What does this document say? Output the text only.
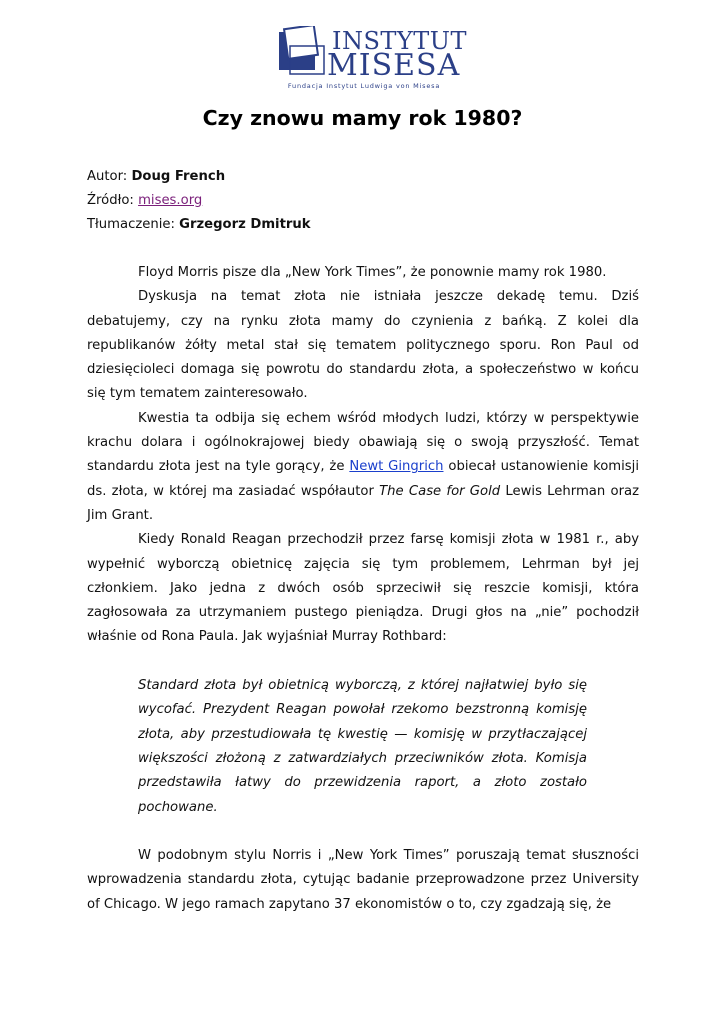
INSTYTUT
MISESA
Fundacja Instytut Ludwiga von Misesa
Czy znowu mamy rok 1980?
Autor: Doug French
Źródło: mises.org
Tłumaczenie: Grzegorz Dmitruk

Floyd Morris pisze dla „New York Times”, że ponownie mamy rok 1980.

Dyskusja na temat złota nie istniała jeszcze dekadę temu. Dziś debatujemy, czy na rynku złota mamy do czynienia z bańką. Z kolei dla republikanów żółty metal stał się tematem politycznego sporu. Ron Paul od dziesięcioleci domaga się powrotu do standardu złota, a społeczeństwo w końcu się tym tematem zainteresowało.

Kwestia ta odbija się echem wśród młodych ludzi, którzy w perspektywie krachu dolara i ogólnokrajowej biedy obawiają się o swoją przyszłość. Temat standardu złota jest na tyle gorący, że Newt Gingrich obiecał ustanowienie komisji ds. złota, w której ma zasiadać współautor The Case for Gold Lewis Lehrman oraz Jim Grant.

Kiedy Ronald Reagan przechodził przez farsę komisji złota w 1981 r., aby wypełnić wyborczą obietnicę zajęcia się tym problemem, Lehrman był jej członkiem. Jako jedna z dwóch osób sprzeciwił się reszcie komisji, która zagłosowała za utrzymaniem pustego pieniądza. Drugi głos na „nie” pochodził właśnie od Rona Paula. Jak wyjaśniał Murray Rothbard:

Standard złota był obietnicą wyborczą, z której najłatwiej było się wycofać. Prezydent Reagan powołał rzekomo bezstronną komisję złota, aby przestudiowała tę kwestię — komisję w przytłaczającej większości złożoną z zatwardziałych przeciwników złota. Komisja przedstawiła łatwy do przewidzenia raport, a złoto zostało pochowane.

W podobnym stylu Norris i „New York Times” poruszają temat słuszności wprowadzenia standardu złota, cytując badanie przeprowadzone przez University of Chicago. W jego ramach zapytano 37 ekonomistów o to, czy zgadzają się, że
